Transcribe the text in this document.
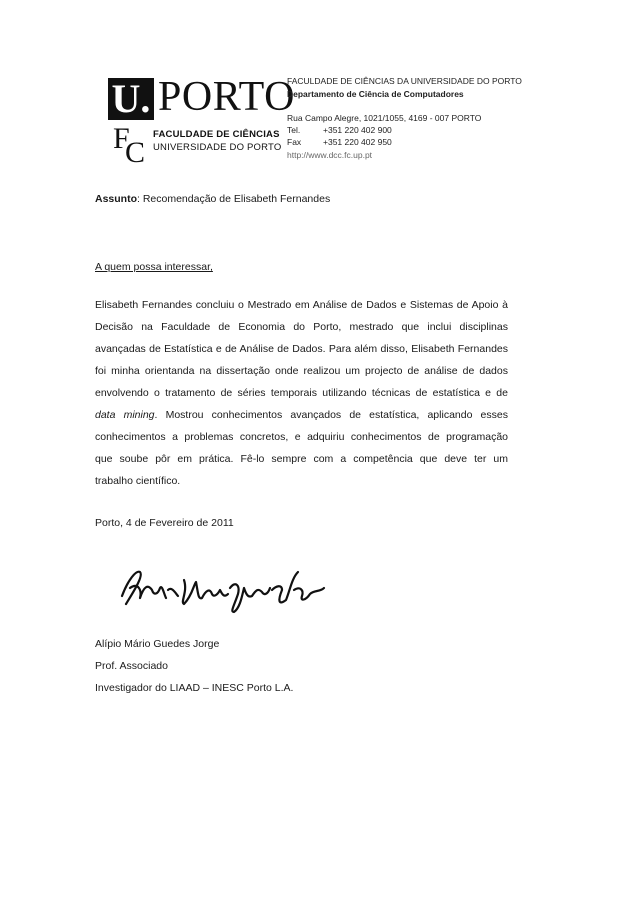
U. PORTO
F
C
FACULDADE DE CIÊNCIAS
UNIVERSIDADE DO PORTO
FACULDADE DE CIÊNCIAS DA UNIVERSIDADE DO PORTO
Departamento de Ciência de Computadores
Rua Campo Alegre, 1021/1055, 4169 - 007 PORTO
Tel.	+351 220 402 900
Fax	+351 220 402 950
http://www.dcc.fc.up.pt
Assunto: Recomendação de Elisabeth Fernandes
A quem possa interessar,
Elisabeth Fernandes concluiu o Mestrado em Análise de Dados e Sistemas de Apoio à
Decisão na Faculdade de Economia do Porto, mestrado que inclui disciplinas
avançadas de Estatística e de Análise de Dados. Para além disso, Elisabeth Fernandes
foi minha orientanda na dissertação onde realizou um projecto de análise de dados
envolvendo o tratamento de séries temporais utilizando técnicas de estatística e de
data mining. Mostrou conhecimentos avançados de estatística, aplicando esses
conhecimentos a problemas concretos, e adquiriu conhecimentos de programação
que soube pôr em prática. Fê-lo sempre com a competência que deve ter um
trabalho científico.
Porto, 4 de Fevereiro de 2011
Alípio Mário Guedes Jorge
Prof. Associado
Investigador do LIAAD – INESC Porto L.A.
